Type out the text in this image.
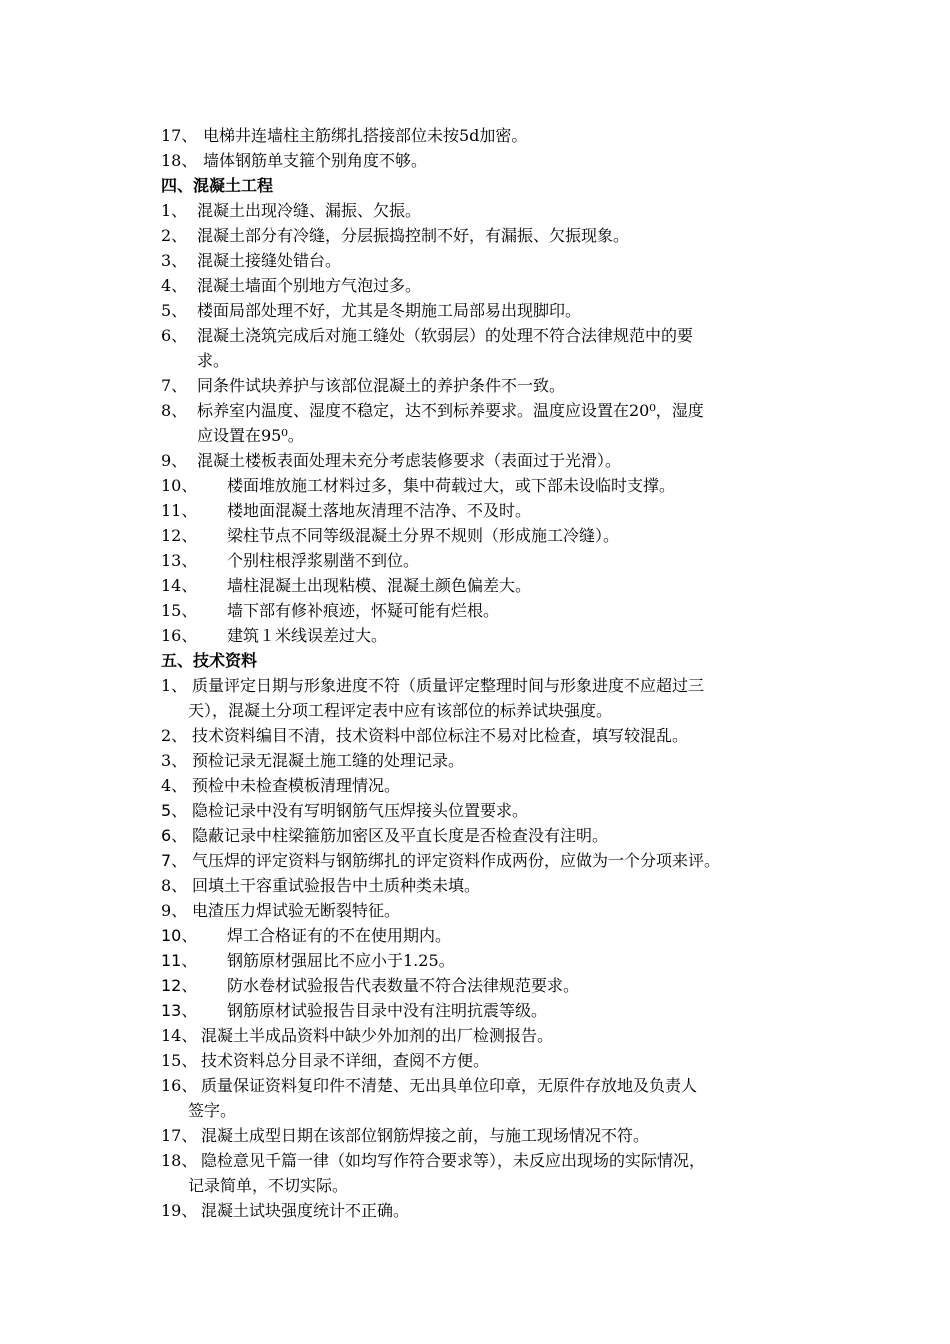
17、 电梯井连墙柱主筋绑扎搭接部位未按5d加密。
18、 墙体钢筋单支箍个别角度不够。
四、混凝土工程
1、 混凝土出现冷缝、漏振、欠振。
2、 混凝土部分有冷缝，分层振捣控制不好，有漏振、欠振现象。
3、 混凝土接缝处错台。
4、 混凝土墙面个别地方气泡过多。
5、 楼面局部处理不好，尤其是冬期施工局部易出现脚印。
6、 混凝土浇筑完成后对施工缝处（软弱层）的处理不符合法律规范中的要
求。
7、 同条件试块养护与该部位混凝土的养护条件不一致。
8、 标养室内温度、湿度不稳定，达不到标养要求。温度应设置在20⁰，湿度
应设置在95⁰。
9、 混凝土楼板表面处理未充分考虑装修要求（表面过于光滑）。
10、 楼面堆放施工材料过多，集中荷载过大，或下部未设临时支撑。
11、 楼地面混凝土落地灰清理不洁净、不及时。
12、 梁柱节点不同等级混凝土分界不规则（形成施工冷缝）。
13、 个别柱根浮浆剔凿不到位。
14、 墙柱混凝土出现粘模、混凝土颜色偏差大。
15、 墙下部有修补痕迹，怀疑可能有烂根。
16、 建筑１米线误差过大。
五、技术资料
1、 质量评定日期与形象进度不符（质量评定整理时间与形象进度不应超过三
天），混凝土分项工程评定表中应有该部位的标养试块强度。
2、 技术资料编目不清，技术资料中部位标注不易对比检查，填写较混乱。
3、 预检记录无混凝土施工缝的处理记录。
4、 预检中未检查模板清理情况。
5、 隐检记录中没有写明钢筋气压焊接头位置要求。
6、 隐蔽记录中柱梁箍筋加密区及平直长度是否检查没有注明。
7、 气压焊的评定资料与钢筋绑扎的评定资料作成两份，应做为一个分项来评。
8、 回填土干容重试验报告中土质种类未填。
9、 电渣压力焊试验无断裂特征。
10、 焊工合格证有的不在使用期内。
11、 钢筋原材强屈比不应小于1.25。
12、 防水卷材试验报告代表数量不符合法律规范要求。
13、 钢筋原材试验报告目录中没有注明抗震等级。
14、 混凝土半成品资料中缺少外加剂的出厂检测报告。
15、 技术资料总分目录不详细，查阅不方便。
16、 质量保证资料复印件不清楚、无出具单位印章，无原件存放地及负责人
签字。
17、 混凝土成型日期在该部位钢筋焊接之前，与施工现场情况不符。
18、 隐检意见千篇一律（如均写作符合要求等），未反应出现场的实际情况，
记录简单，不切实际。
19、 混凝土试块强度统计不正确。
